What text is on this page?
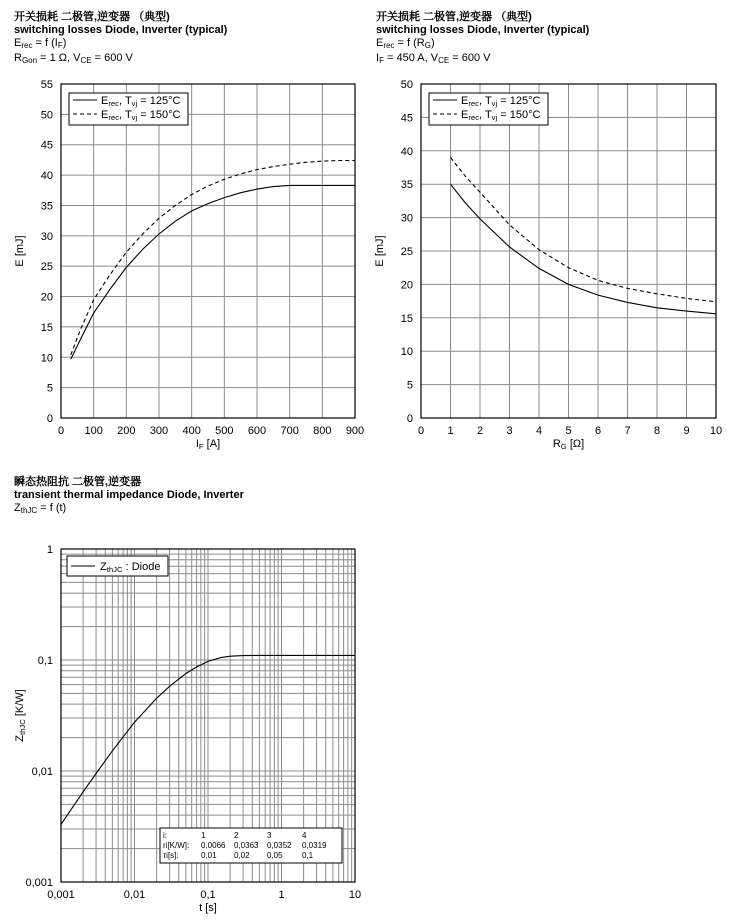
开关损耗 二极管,逆变器 （典型)
switching losses Diode, Inverter (typical)
$E_{rec} = f$ $(I_F)$
$R_{Gon} = 1$ Ω, $V_{CE} = 600$ V
开关损耗 二极管,逆变器 （典型)
switching losses Diode, Inverter (typical)
$E_{rec} = f$ $(R_G)$
$I_F = 450$ A, $V_{CE} = 600$ V
瞬态热阻抗 二极管,逆变器
transient thermal impedance Diode, Inverter
$Z_{thJC} = f$ (t)
0 100 200 300 400 500 600 700 800 900
0
5
10
15
20
25
30
35
40
45
50
55
Erec, Tvj = 125°C
Erec, Tvj = 150°C
IF [A]
E [mJ]
0 1 2 3 4 5 6 7 8 9 10
0
5
10
15
20
25
30
35
40
45
50
Erec, Tvj = 125°C
Erec, Tvj = 150°C
RG [Ω]
E [mJ]
0,001	0,01	0,1	1	10
0,001
0,01
0,1
1
ZthJC : Diode
i:	1	2	3	4
ri[K/W]: 0,0066 0,0363 0,0352 0,0319
τi[s]:	0,01 0,02 0,05 0,1
t [s]
ZthJC [K/W]
